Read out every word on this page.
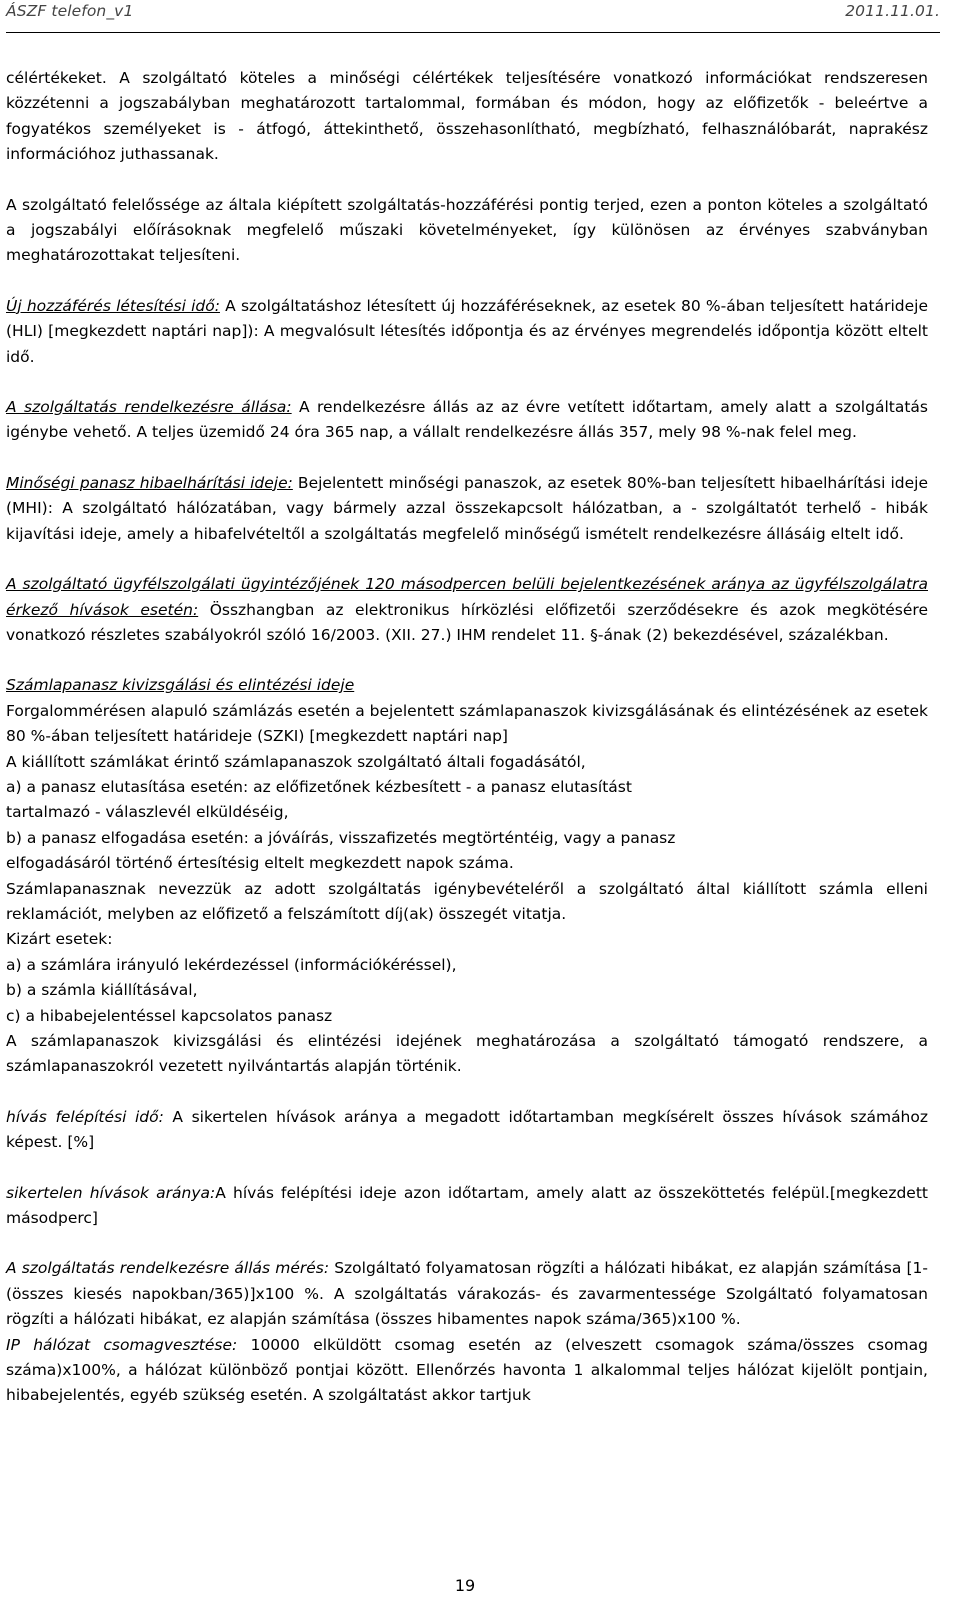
ÁSZF telefon_v1	2011.11.01.

célértékeket. A szolgáltató köteles a minőségi célértékek teljesítésére vonatkozó információkat rendszeresen közzétenni a jogszabályban meghatározott tartalommal, formában és módon, hogy az előfizetők - beleértve a fogyatékos személyeket is - átfogó, áttekinthető, összehasonlítható, megbízható, felhasználóbarát, naprakész információhoz juthassanak.

A szolgáltató felelőssége az általa kiépített szolgáltatás-hozzáférési pontig terjed, ezen a ponton köteles a szolgáltató a jogszabályi előírásoknak megfelelő műszaki követelményeket, így különösen az érvényes szabványban meghatározottakat teljesíteni.

Új hozzáférés létesítési idő: A szolgáltatáshoz létesített új hozzáféréseknek, az esetek 80 %-ában teljesített határideje (HLI) [megkezdett naptári nap]): A megvalósult létesítés időpontja és az érvényes megrendelés időpontja között eltelt idő.

A szolgáltatás rendelkezésre állása: A rendelkezésre állás az az évre vetített időtartam, amely alatt a szolgáltatás igénybe vehető. A teljes üzemidő 24 óra 365 nap, a vállalt rendelkezésre állás 357, mely 98 %-nak felel meg.

Minőségi panasz hibaelhárítási ideje: Bejelentett minőségi panaszok, az esetek 80%-ban teljesített hibaelhárítási ideje (MHI): A szolgáltató hálózatában, vagy bármely azzal összekapcsolt hálózatban, a - szolgáltatót terhelő - hibák kijavítási ideje, amely a hibafelvételtől a szolgáltatás megfelelő minőségű ismételt rendelkezésre állásáig eltelt idő.

A szolgáltató ügyfélszolgálati ügyintézőjének 120 másodpercen belüli bejelentkezésének aránya az ügyfélszolgálatra érkező hívások esetén: Összhangban az elektronikus hírközlési előfizetői szerződésekre és azok megkötésére vonatkozó részletes szabályokról szóló 16/2003. (XII. 27.) IHM rendelet 11. §-ának (2) bekezdésével, százalékban.

Számlapanasz kivizsgálási és elintézési ideje
Forgalommérésen alapuló számlázás esetén a bejelentett számlapanaszok kivizsgálásának és elintézésének az esetek 80 %-ában teljesített határideje (SZKI) [megkezdett naptári nap]
A kiállított számlákat érintő számlapanaszok szolgáltató általi fogadásától,
a) a panasz elutasítása esetén: az előfizetőnek kézbesített - a panasz elutasítást
tartalmazó - válaszlevél elküldéséig,
b) a panasz elfogadása esetén: a jóváírás, visszafizetés megtörténtéig, vagy a panasz
elfogadásáról történő értesítésig eltelt megkezdett napok száma.
Számlapanasznak nevezzük az adott szolgáltatás igénybevételéről a szolgáltató által kiállított számla elleni reklamációt, melyben az előfizető a felszámított díj(ak) összegét vitatja.
Kizárt esetek:
a) a számlára irányuló lekérdezéssel (információkéréssel),
b) a számla kiállításával,
c) a hibabejelentéssel kapcsolatos panasz
A számlapanaszok kivizsgálási és elintézési idejének meghatározása a szolgáltató támogató rendszere, a számlapanaszokról vezetett nyilvántartás alapján történik.

hívás felépítési idő: A sikertelen hívások aránya a megadott időtartamban megkísérelt összes hívások számához képest. [%]

sikertelen hívások aránya:A hívás felépítési ideje azon időtartam, amely alatt az összeköttetés felépül.[megkezdett másodperc]

A szolgáltatás rendelkezésre állás mérés: Szolgáltató folyamatosan rögzíti a hálózati hibákat, ez alapján számítása [1-(összes kiesés napokban/365)]x100 %. A szolgáltatás várakozás- és zavarmentessége Szolgáltató folyamatosan rögzíti a hálózati hibákat, ez alapján számítása (összes hibamentes napok száma/365)x100 %.

IP hálózat csomagvesztése: 10000 elküldött csomag esetén az (elveszett csomagok száma/összes csomag száma)x100%, a hálózat különböző pontjai között. Ellenőrzés havonta 1 alkalommal teljes hálózat kijelölt pontjain, hibabejelentés, egyéb szükség esetén. A szolgáltatást akkor tartjuk

19
